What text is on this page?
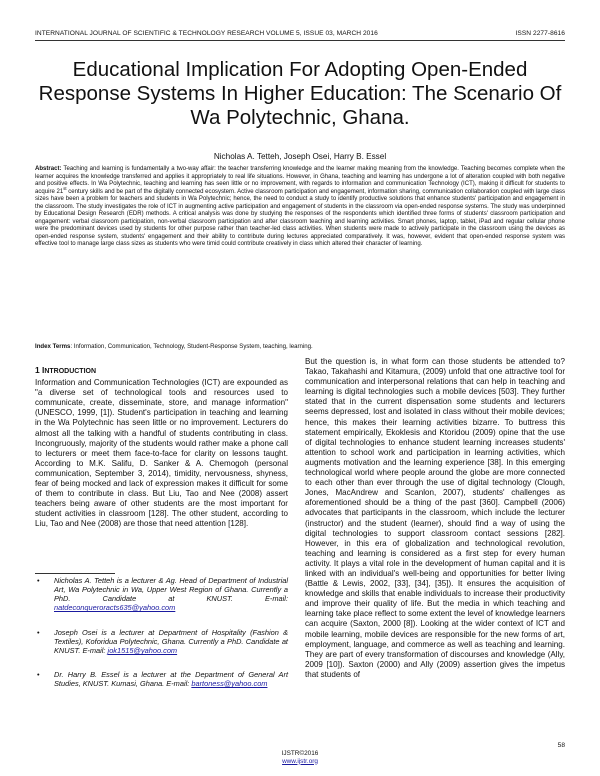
INTERNATIONAL JOURNAL OF SCIENTIFIC & TECHNOLOGY RESEARCH VOLUME 5, ISSUE 03, MARCH 2016	ISSN 2277-8616
Educational Implication For Adopting Open-Ended Response Systems In Higher Education: The Scenario Of Wa Polytechnic, Ghana.
Nicholas A. Tetteh, Joseph Osei, Harry B. Essel
Abstract: Teaching and learning is fundamentally a two-way affair: the teacher transferring knowledge and the learner making meaning from the knowledge. Teaching becomes complete when the learner acquires the knowledge transferred and applies it appropriately to real life situations. However, in Ghana, teaching and learning has undergone a lot of alteration coupled with both negative and positive effects. In Wa Polytechnic, teaching and learning has seen little or no improvement, with regards to information and communication Technology (ICT), making it difficult for students to acquire 21st century skills and be part of the digitally connected ecosystem. Active classroom participation and engagement, information sharing, communication collaboration coupled with large class sizes have been a problem for teachers and students in Wa Polytechnic; hence, the need to conduct a study to identify productive solutions that enhance students' participation and engagement in the classroom. The study investigates the role of ICT in augmenting active participation and engagement of students in the classroom via open-ended response systems. The study was underpinned by Educational Design Research (EDR) methods. A critical analysis was done by studying the responses of the respondents which identified three forms of students' classroom participation and engagement: verbal classroom participation, non-verbal classroom participation and after classroom teaching and learning activities. Smart phones, laptop, tablet, iPad and regular cellular phone were the predominant devices used by students for other purpose rather than teacher-led class activities. When students were made to actively participate in the classroom using the devices as open-ended response system, students' engagement and their ability to contribute during lectures appreciated comparatively. It was, however, evident that open-ended response system was effective tool to manage large class sizes as students who were timid could contribute creatively in class which altered their character of learning.
Index Terms: Information, Communication, Technology, Student-Response System, teaching, learning.
1 INTRODUCTION
Information and Communication Technologies (ICT) are expounded as "a diverse set of technological tools and resources used to communicate, create, disseminate, store, and manage information" (UNESCO, 1999, [1]). Student's participation in teaching and learning in the Wa Polytechnic has seen little or no improvement. Lecturers do almost all the talking with a handful of students contributing in class. Incongruously, majority of the students would rather make a phone call to lecturers or meet them face-to-face for clarity on lessons taught. According to M.K. Salifu, D. Sanker & A. Chemogoh (personal communication, September 3, 2014), timidity, nervousness, shyness, fear of being mocked and lack of expression makes it difficult for some of them to contribute in class. But Liu, Tao and Nee (2008) assert teachers being aware of other students are the most important for student activities in classroom [128]. The other student, according to Liu, Tao and Nee (2008) are those that need attention [128].
• Nicholas A. Tetteh is a lecturer & Ag. Head of Department of Industrial Art, Wa Polytechnic in Wa, Upper West Region of Ghana. Currently a PhD. Candidate at KNUST. E-mail: natdeconqueroracts635@yahoo.com
• Joseph Osei is a lecturer at Department of Hospitality (Fashion & Textiles), Koforidua Polytechnic, Ghana. Currently a PhD. Candidate at KNUST. E-mail: jok1515@yahoo.com
• Dr. Harry B. Essel is a lecturer at the Department of General Art Studies, KNUST. Kumasi, Ghana. E-mail: bartoness@yahoo.com
But the question is, in what form can those students be attended to? Takao, Takahashi and Kitamura, (2009) unfold that one attractive tool for communication and interpersonal relations that can help in teaching and learning is digital technologies such a mobile devices [503]. They further stated that in the current dispensation some students and lecturers seems depressed, lost and isolated in class without their mobile devices; hence, this makes their learning activities bizarre. To buttress this statement empirically, Ekoklesis and Ktoridou (2009) opine that the use of digital technologies to enhance student learning increases students' attention to school work and participation in learning activities, which augments motivation and the learning experience [38]. In this emerging technological world where people around the globe are more connected to each other than ever through the use of digital technology (Clough, Jones, MacAndrew and Scanlon, 2007), students' challenges as aforementioned should be a thing of the past [360]. Campbell (2006) advocates that participants in the classroom, which include the lecturer (instructor) and the student (learner), should find a way of using the digital technologies to support classroom contact sessions [282]. However, in this era of globalization and technological revolution, teaching and learning is considered as a first step for every human activity. It plays a vital role in the development of human capital and it is linked with an individual's well-being and opportunities for better living (Battle & Lewis, 2002, [33], [34], [35]). It ensures the acquisition of knowledge and skills that enable individuals to increase their productivity and improve their quality of life. But the media in which teaching and learning take place reflect to some extent the level of knowledge learners can acquire (Saxton, 2000 [8]). Looking at the wider context of ICT and mobile learning, mobile devices are responsible for the new forms of art, employment, language, and commerce as well as teaching and learning. They are part of every transformation of discourses and knowledge (Ally, 2009 [10]). Saxton (2000) and Ally (2009) assertion gives the impetus that students of
58
IJSTR©2016
www.ijstr.org
